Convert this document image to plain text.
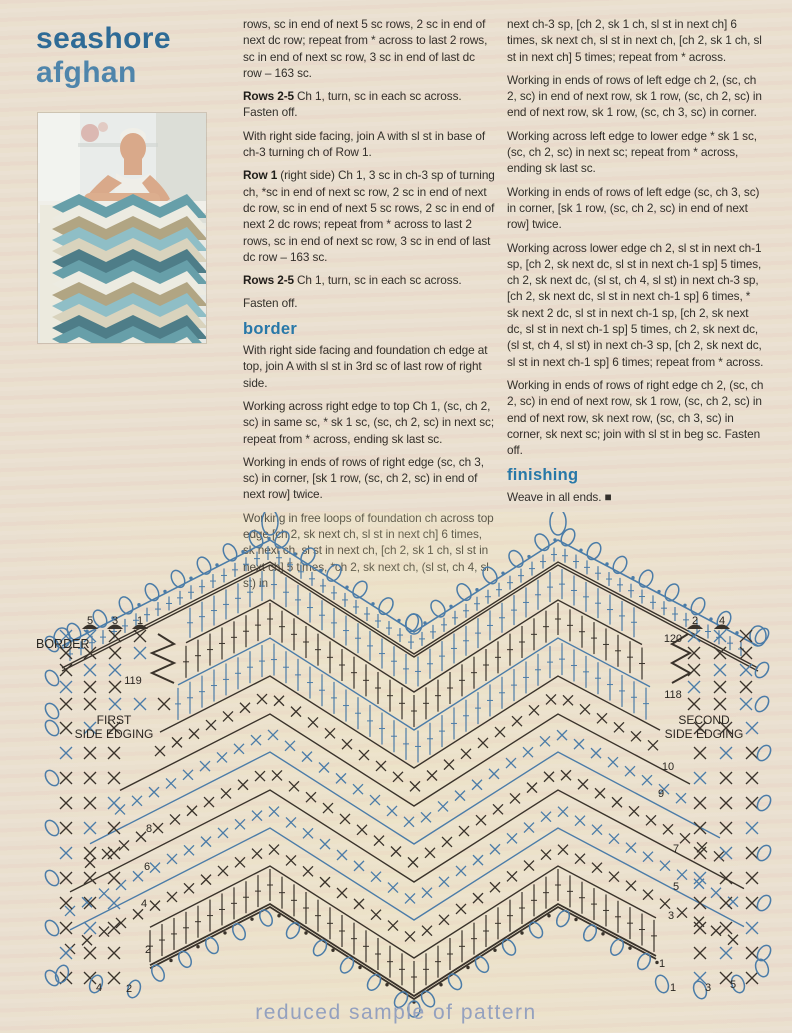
seashore
afghan

rows, sc in end of next 5 sc rows, 2 sc in end of next dc row; repeat from * across to last 2 rows, sc in end of next sc row, 3 sc in end of last dc row – 163 sc.

Rows 2-5 Ch 1, turn, sc in each sc across. Fasten off.

With right side facing, join A with sl st in base of ch-3 turning ch of Row 1.

Row 1 (right side) Ch 1, 3 sc in ch-3 sp of turning ch, *sc in end of next sc row, 2 sc in end of next dc row, sc in end of next 5 sc rows, 2 sc in end of next 2 dc rows; repeat from * across to last 2 rows, sc in end of next sc row, 3 sc in end of last dc row – 163 sc.

Rows 2-5 Ch 1, turn, sc in each sc across.

Fasten off.

border

With right side facing and foundation ch edge at top, join A with sl st in 3rd sc of last row of right side.

Working across right edge to top Ch 1, (sc, ch 2, sc) in same sc, * sk 1 sc, (sc, ch 2, sc) in next sc; repeat from * across, ending sk last sc.

Working in ends of rows of right edge (sc, ch 3, sc) in corner, [sk 1 row, (sc, ch 2, sc) in end of next row] twice.

next ch-3 sp, [ch 2, sk 1 ch, sl st in next ch] 6 times, sk next ch, sl st in next ch, [ch 2, sk 1 ch, sl st in next ch] 5 times; repeat from * across.

Working in ends of rows of left edge ch 2, (sc, ch 2, sc) in end of next row, sk 1 row, (sc, ch 2, sc) in end of next row, sk 1 row, (sc, ch 3, sc) in corner.

Working across left edge to lower edge * sk 1 sc, (sc, ch 2, sc) in next sc; repeat from * across, ending sk last sc.

Working in ends of rows of left edge (sc, ch 3, sc) in corner, [sk 1 row, (sc, ch 2, sc) in end of next row] twice.

Working across lower edge ch 2, sl st in next ch-1 sp, [ch 2, sk next dc, sl st in next ch-1 sp] 5 times, ch 2, sk next dc, (sl st, ch 4, sl st) in next ch-3 sp, [ch 2, sk next dc, sl st in next ch-1 sp] 6 times, * sk next 2 dc, sl st in next ch-1 sp, [ch 2, sk next dc, sl st in next ch-1 sp] 5 times, ch 2, sk next dc, (sl st, ch 4, sl st) in next ch-3 sp, [ch 2, sk next dc, sl st in next ch-1 sp] 6 times; repeat from * across.

Working in ends of rows of right edge ch 2, (sc, ch 2, sc) in end of next row, sk 1 row, (sc, ch 2, sc) in end of next row, sk next row, (sc, ch 3, sc) in corner, sk next sc; join with sl st in beg sc. Fasten off.

finishing

Weave in all ends. ■

BORDER
5 3 1
119
FIRST
SIDE EDGING
2 4
120
118
SECOND
SIDE EDGING
10
9
7
5
3
1
8
6
4
2
4 2	1	3 5
reduced sample of pattern
